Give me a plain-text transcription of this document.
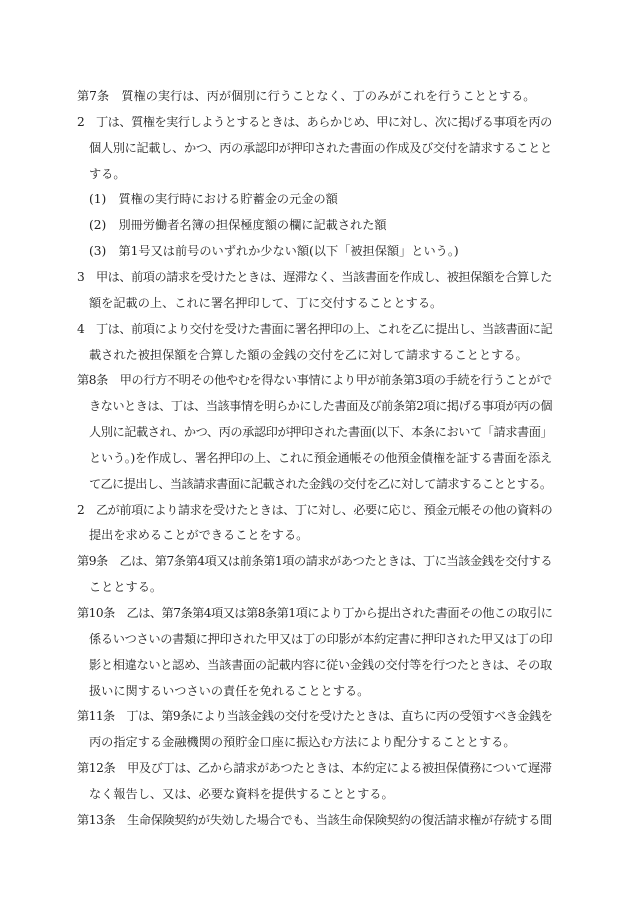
第7条　質権の実行は、丙が個別に行うことなく、丁のみがこれを行うこととする。
2　丁は、質権を実行しようとするときは、あらかじめ、甲に対し、次に掲げる事項を丙の
個人別に記載し、かつ、丙の承認印が押印された書面の作成及び交付を請求することと
する。
(1)　質権の実行時における貯蓄金の元金の額
(2)　別冊労働者名簿の担保極度額の欄に記載された額
(3)　第1号又は前号のいずれか少ない額(以下「被担保額」という。)
3　甲は、前項の請求を受けたときは、遅滞なく、当該書面を作成し、被担保額を合算した
額を記載の上、これに署名押印して、丁に交付することとする。
4　丁は、前項により交付を受けた書面に署名押印の上、これを乙に提出し、当該書面に記
載された被担保額を合算した額の金銭の交付を乙に対して請求することとする。
第8条　甲の行方不明その他やむを得ない事情により甲が前条第3項の手続を行うことがで
きないときは、丁は、当該事情を明らかにした書面及び前条第2項に掲げる事項が丙の個
人別に記載され、かつ、丙の承認印が押印された書面(以下、本条において「請求書面」
という。)を作成し、署名押印の上、これに預金通帳その他預金債権を証する書面を添え
て乙に提出し、当該請求書面に記載された金銭の交付を乙に対して請求することとする。
2　乙が前項により請求を受けたときは、丁に対し、必要に応じ、預金元帳その他の資料の
提出を求めることができることをする。
第9条　乙は、第7条第4項又は前条第1項の請求があつたときは、丁に当該金銭を交付する
こととする。
第10条　乙は、第7条第4項又は第8条第1項により丁から提出された書面その他この取引に
係るいつさいの書類に押印された甲又は丁の印影が本約定書に押印された甲又は丁の印
影と相違ないと認め、当該書面の記載内容に従い金銭の交付等を行つたときは、その取
扱いに関するいつさいの責任を免れることとする。
第11条　丁は、第9条により当該金銭の交付を受けたときは、直ちに丙の受領すべき金銭を
丙の指定する金融機関の預貯金口座に振込む方法により配分することとする。
第12条　甲及び丁は、乙から請求があつたときは、本約定による被担保債務について遅滞
なく報告し、又は、必要な資料を提供することとする。
第13条　生命保険契約が失効した場合でも、当該生命保険契約の復活請求権が存続する間
